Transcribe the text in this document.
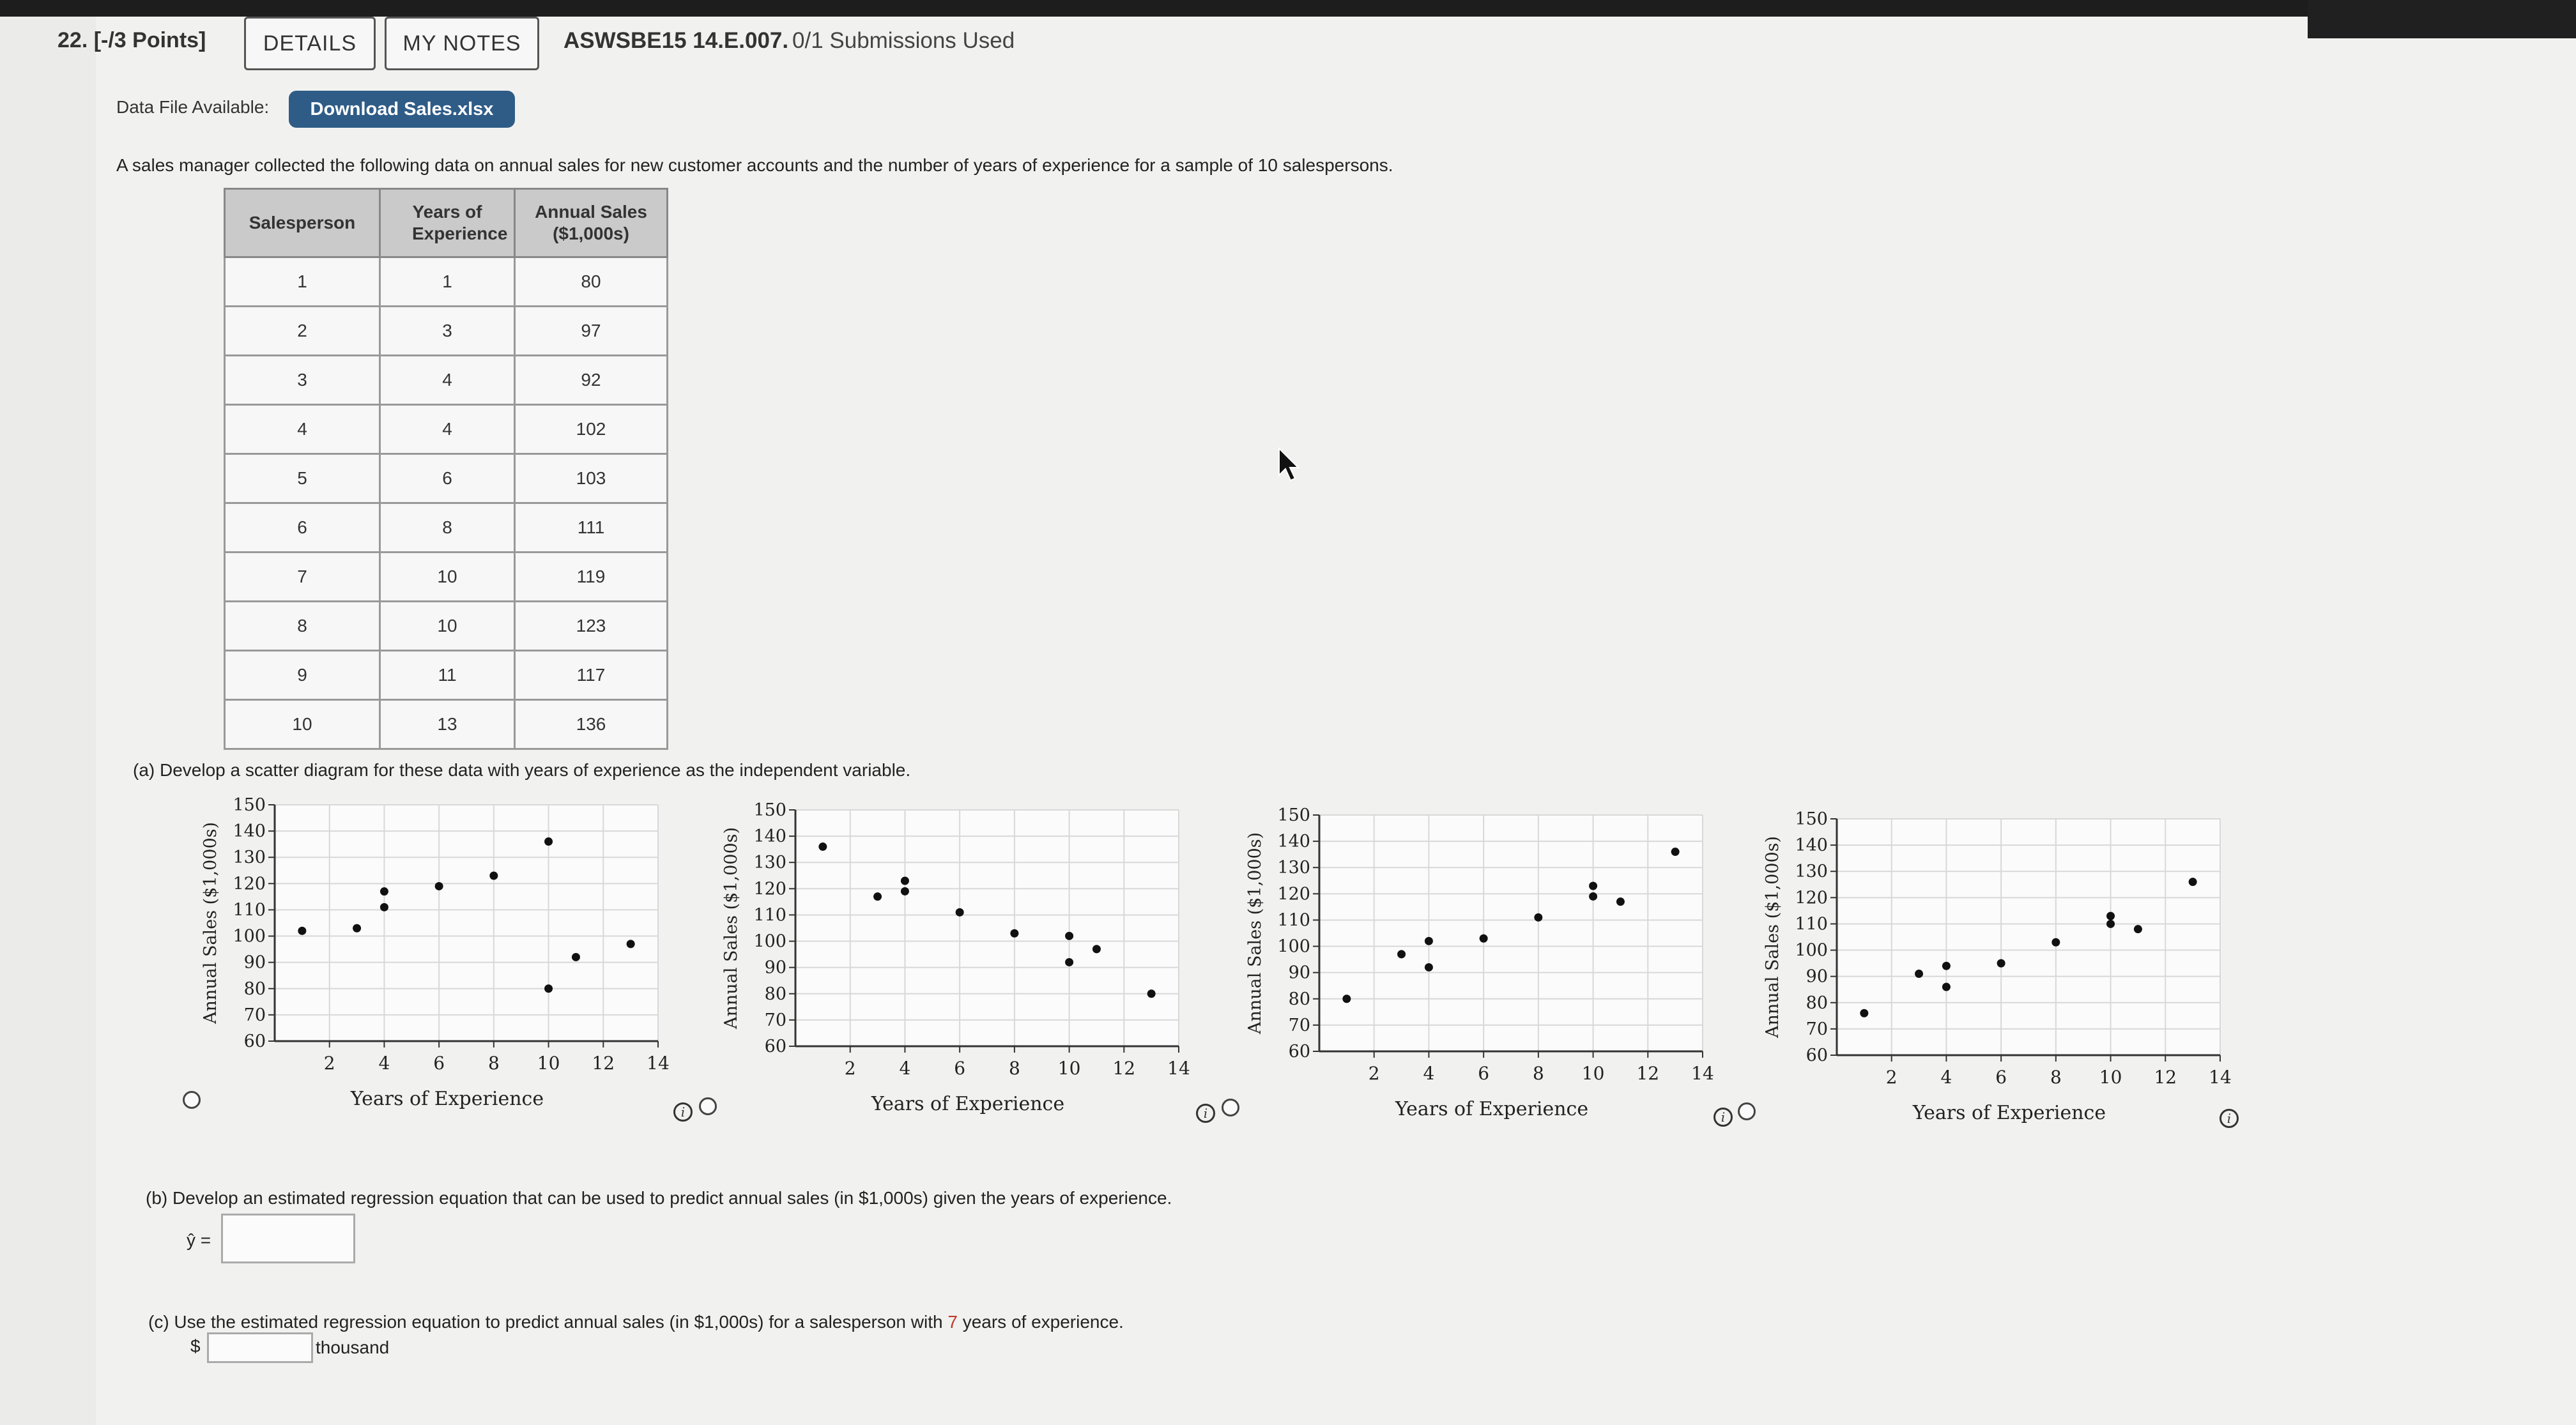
22. [-/3 Points]	DETAILS	MY NOTES	ASWSBE15 14.E.007. 0/1 Submissions Used
Data File Available:	Download Sales.xlsx
A sales manager collected the following data on annual sales for new customer accounts and the number of years of experience for a sample of 10 salespersons.
Salesperson	Years of Experience	Annual Sales ($1,000s)

1	1	80
2	3	97
3	4	92
4	4	102
5	6	103
6	8	111
7	10	119
8	10	123
9	11	117
10	13	136
(a) Develop a scatter diagram for these data with years of experience as the independent variable.
2 4 6 8 10 12 14
60
70
80
90
100
110
120
130
140
150
Years of Experience
Annual Sales ($1,000s)
2 4 6 8 10 12 14
60
70
80
90
100
110
120
130
140
150
Years of Experience
Annual Sales ($1,000s)
2 4 6 8 10 12 14
60
70
80
90
100
110
120
130
140
150
Years of Experience
Annual Sales ($1,000s)
2 4 6 8 10 12 14
60
70
80
90
100
110
120
130
140
150
Years of Experience
Annual Sales ($1,000s)
i	i	i	i
(b) Develop an estimated regression equation that can be used to predict annual sales (in $1,000s) given the years of experience.
ŷ =
(c) Use the estimated regression equation to predict annual sales (in $1,000s) for a salesperson with 7 years of experience.
$	thousand
